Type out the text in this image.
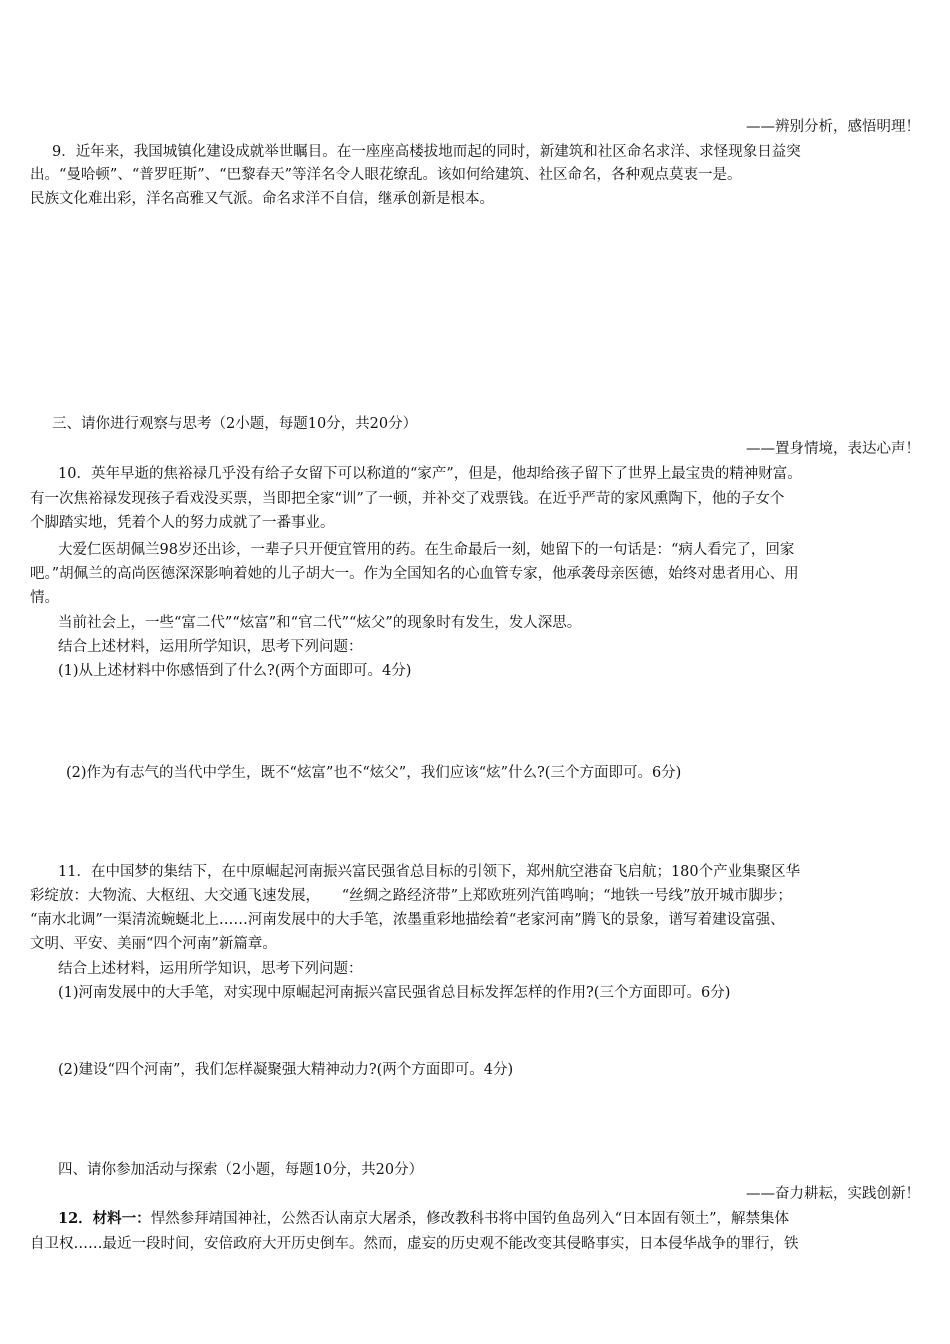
——辨别分析，感悟明理！
9．近年来，我国城镇化建设成就举世瞩目。在一座座高楼拔地而起的同时，新建筑和社区命名求洋、求怪现象日益突
出。“曼哈顿”、“普罗旺斯”、“巴黎春天”等洋名令人眼花缭乱。该如何给建筑、社区命名，各种观点莫衷一是。
民族文化难出彩，洋名高雅又气派。命名求洋不自信，继承创新是根本。
三、请你进行观察与思考（2小题，每题10分，共20分）
——置身情境，表达心声！
10．英年早逝的焦裕禄几乎没有给子女留下可以称道的“家产”，但是，他却给孩子留下了世界上最宝贵的精神财富。
有一次焦裕禄发现孩子看戏没买票，当即把全家“训”了一顿，并补交了戏票钱。在近乎严苛的家风熏陶下，他的子女个
个脚踏实地，凭着个人的努力成就了一番事业。
大爱仁医胡佩兰98岁还出诊，一辈子只开便宜管用的药。在生命最后一刻，她留下的一句话是：“病人看完了，回家
吧。”胡佩兰的高尚医德深深影响着她的儿子胡大一。作为全国知名的心血管专家，他承袭母亲医德，始终对患者用心、用
情。
当前社会上，一些“富二代”“炫富”和“官二代”“炫父”的现象时有发生，发人深思。
结合上述材料，运用所学知识，思考下列问题：
(1)从上述材料中你感悟到了什么?(两个方面即可。4分)
(2)作为有志气的当代中学生，既不“炫富”也不“炫父”，我们应该“炫”什么?(三个方面即可。6分)
11．在中国梦的集结下，在中原崛起河南振兴富民强省总目标的引领下，郑州航空港奋飞启航；180个产业集聚区华
彩绽放：大物流、大枢纽、大交通飞速发展，　　“丝绸之路经济带”上郑欧班列汽笛鸣响；“地铁一号线”放开城市脚步；
“南水北调”一渠清流蜿蜒北上……河南发展中的大手笔，浓墨重彩地描绘着“老家河南”腾飞的景象，谱写着建设富强、
文明、平安、美丽“四个河南”新篇章。
结合上述材料，运用所学知识，思考下列问题：
(1)河南发展中的大手笔，对实现中原崛起河南振兴富民强省总目标发挥怎样的作用?(三个方面即可。6分)
(2)建设“四个河南”，我们怎样凝聚强大精神动力?(两个方面即可。4分)
四、请你参加活动与探索（2小题，每题10分，共20分）
——奋力耕耘，实践创新！
12．材料一：悍然参拜靖国神社，公然否认南京大屠杀，修改教科书将中国钓鱼岛列入“日本固有领土”，解禁集体
自卫权……最近一段时间，安倍政府大开历史倒车。然而，虚妄的历史观不能改变其侵略事实，日本侵华战争的罪行，铁
